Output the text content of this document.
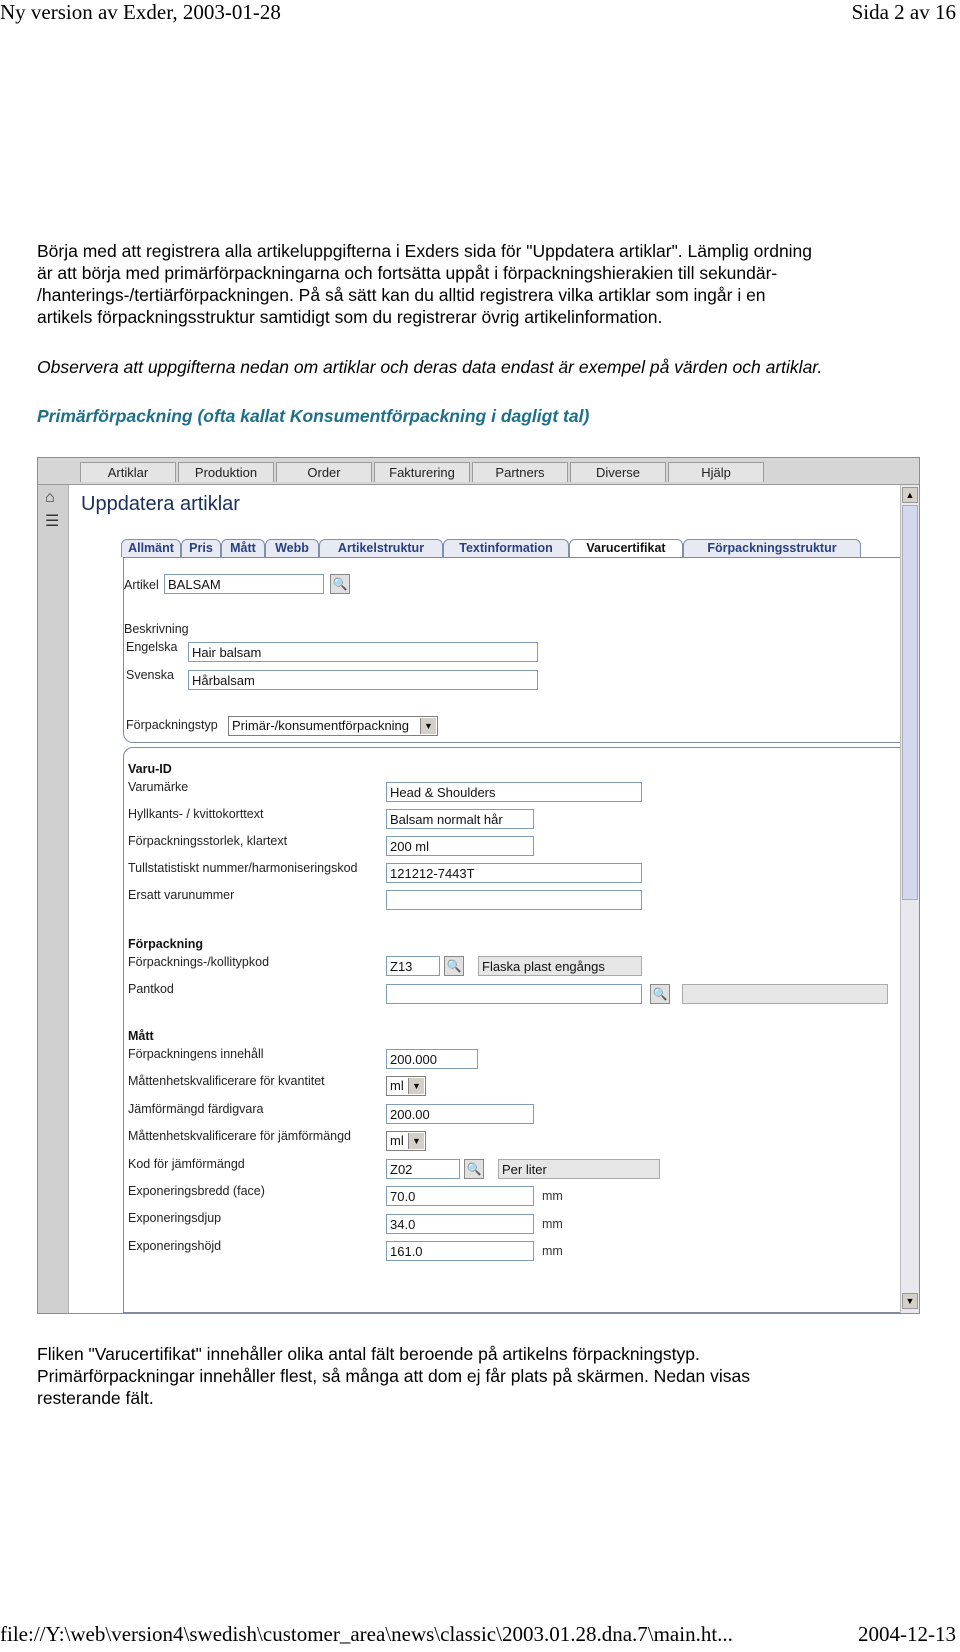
Ny version av Exder, 2003-01-28	Sida 2 av 16
Börja med att registrera alla artikeluppgifterna i Exders sida för "Uppdatera artiklar". Lämplig ordning
är att börja med primärförpackningarna och fortsätta uppåt i förpackningshierakien till sekundär-
/hanterings-/tertiärförpackningen. På så sätt kan du alltid registrera vilka artiklar som ingår i en
artikels förpackningsstruktur samtidigt som du registrerar övrig artikelinformation.
Observera att uppgifterna nedan om artiklar och deras data endast är exempel på värden och artiklar.
Primärförpackning (ofta kallat Konsumentförpackning i dagligt tal)
Artiklar	Produktion	Order	Fakturering	Partners	Diverse	Hjälp
⌂
☰
Uppdatera artiklar
Allmänt	Pris	Mått	Webb	Artikelstruktur	Textinformation	Varucertifikat	Förpackningsstruktur
Artikel BALSAM	🔍
Beskrivning
Engelska	Hair balsam
Svenska	Hårbalsam
Förpackningstyp	Primär-/konsumentförpackning	▼
Varu-ID
Varumärke	Head & Shoulders
Hyllkants- / kvittokorttext	Balsam normalt hår
Förpackningsstorlek, klartext	200 ml
Tullstatistiskt nummer/harmoniseringskod	121212-7443T
Ersatt varunummer
Förpackning
Förpacknings-/kollitypkod	Z13	🔍	Flaska plast engångs
Pantkod	🔍
Mått
Förpackningens innehåll	200.000
Måttenhetskvalificerare för kvantitet	ml ▼
Jämförmängd färdigvara	200.00
Måttenhetskvalificerare för jämförmängd	ml ▼
Kod för jämförmängd	Z02	🔍	Per liter
Exponeringsbredd (face)	70.0	mm
Exponeringsdjup	34.0	mm
Exponeringshöjd	161.0	mm
▲
▼
Fliken "Varucertifikat" innehåller olika antal fält beroende på artikelns förpackningstyp.
Primärförpackningar innehåller flest, så många att dom ej får plats på skärmen. Nedan visas
resterande fält.
file://Y:\web\version4\swedish\customer_area\news\classic\2003.01.28.dna.7\main.ht...	2004-12-13
